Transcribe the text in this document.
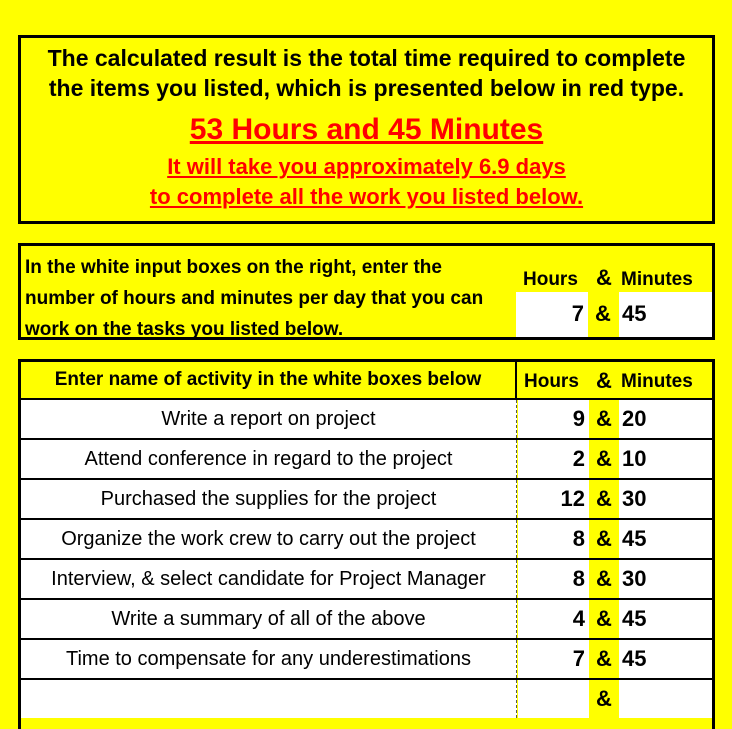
The calculated result is the total time required to complete the items you listed, which is presented below in red type.
53 Hours and 45 Minutes
It will take you approximately 6.9 days
to complete all the work you listed below.
In the white input boxes on the right, enter the number of hours and minutes per day that you can work on the tasks you listed below.
Hours & Minutes
7 & 45
Enter name of activity in the white boxes below	Hours & Minutes
Write a report on project	9 & 20
Attend conference in regard to the project	2 & 10
Purchased the supplies for the project	12 & 30
Organize the work crew to carry out the project	8 & 45
Interview, & select candidate for Project Manager	8 & 30
Write a summary of all of the above	4 & 45
Time to compensate for any underestimations	7 & 45
&
